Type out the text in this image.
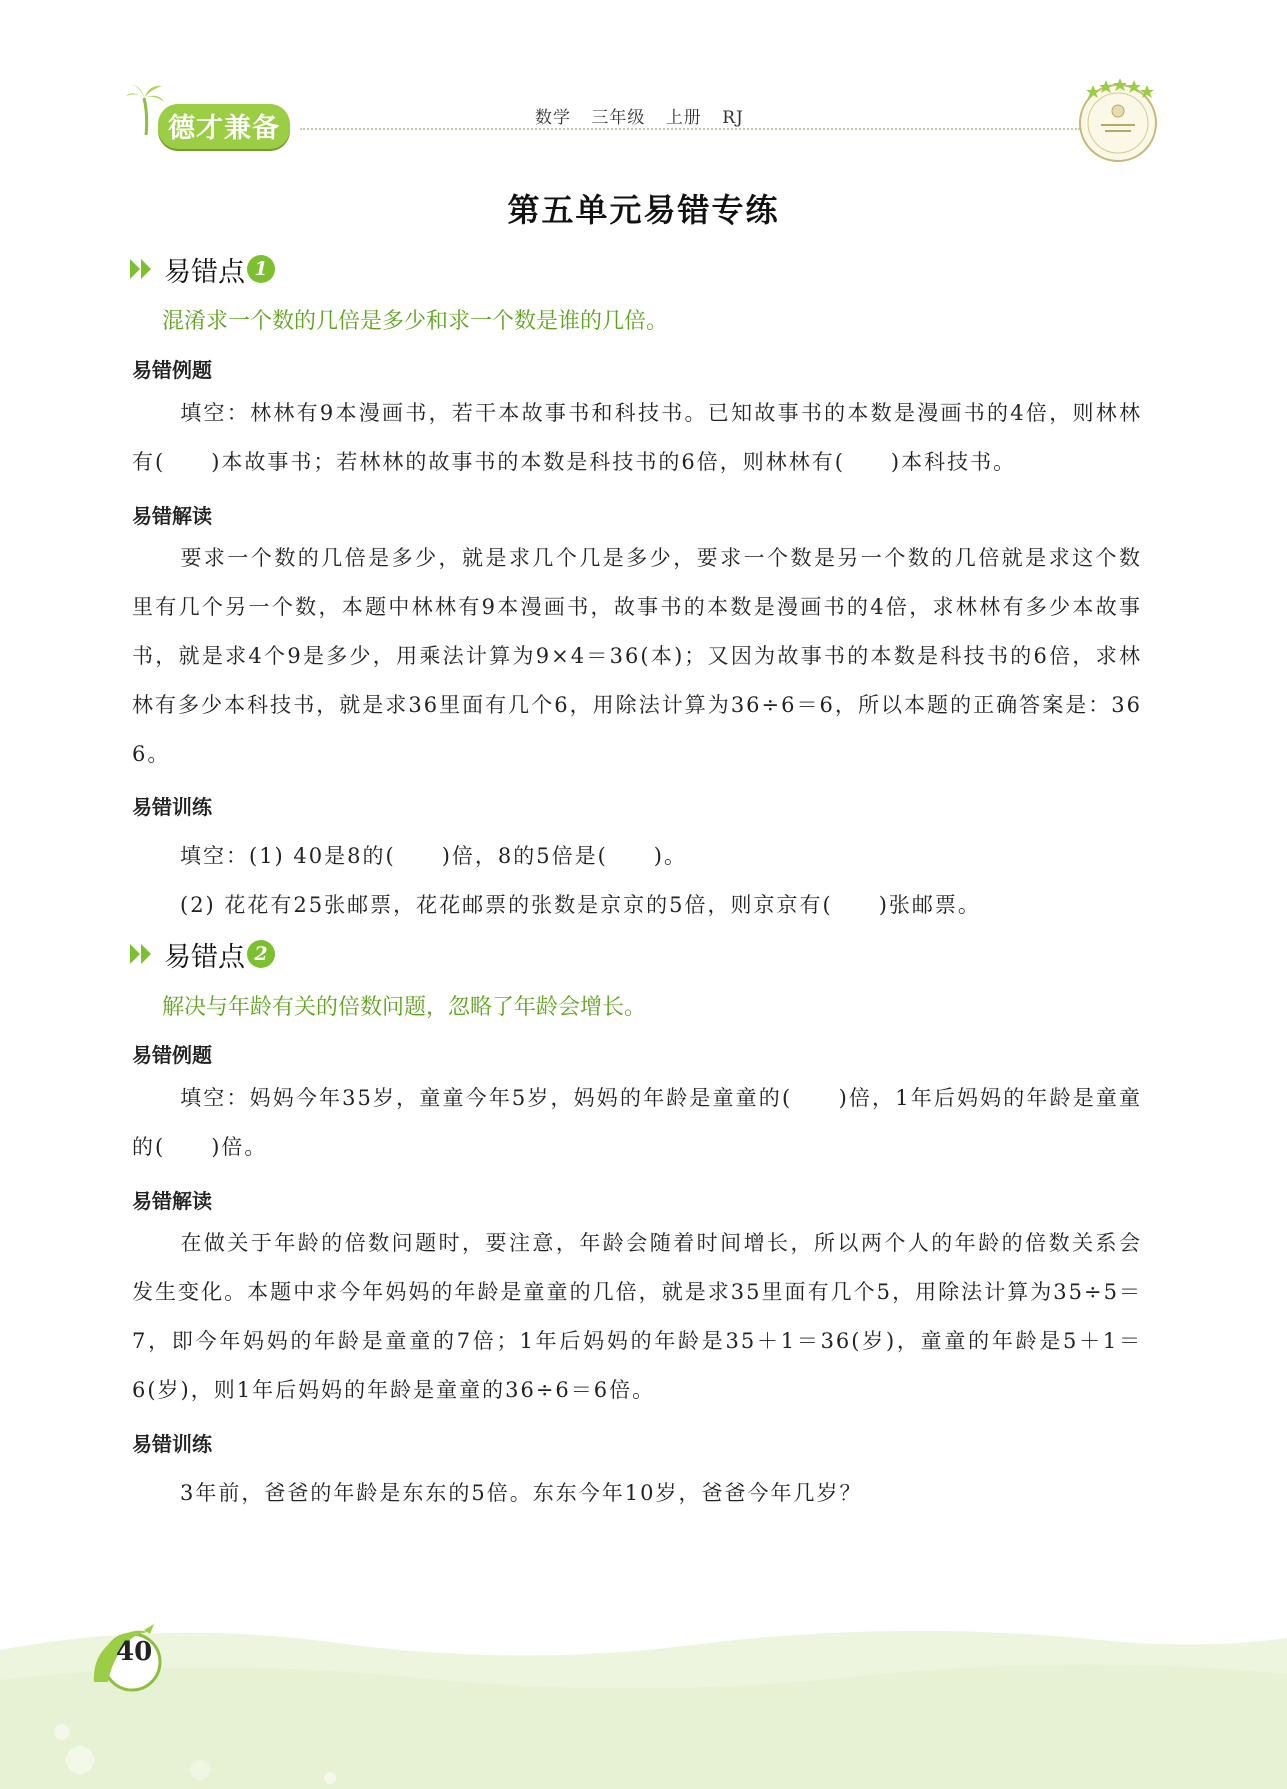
德才兼备	数学 三年级 上册 RJ
第五单元易错专练
易错点 1
混淆求一个数的几倍是多少和求一个数是谁的几倍。
易错例题
填空：林林有9本漫画书，若干本故事书和科技书。已知故事书的本数是漫画书的4倍，则林林有(　　)本故事书；若林林的故事书的本数是科技书的6倍，则林林有(　　)本科技书。
易错解读
要求一个数的几倍是多少，就是求几个几是多少，要求一个数是另一个数的几倍就是求这个数里有几个另一个数，本题中林林有9本漫画书，故事书的本数是漫画书的4倍，求林林有多少本故事书，就是求4个9是多少，用乘法计算为9×4＝36(本)；又因为故事书的本数是科技书的6倍，求林林有多少本科技书，就是求36里面有几个6，用除法计算为36÷6＝6，所以本题的正确答案是：36　6。
易错训练
填空：(1) 40是8的(　　)倍，8的5倍是(　　)。
(2) 花花有25张邮票，花花邮票的张数是京京的5倍，则京京有(　　)张邮票。
易错点 2
解决与年龄有关的倍数问题，忽略了年龄会增长。
易错例题
填空：妈妈今年35岁，童童今年5岁，妈妈的年龄是童童的(　　)倍，1年后妈妈的年龄是童童的(　　)倍。
易错解读
在做关于年龄的倍数问题时，要注意，年龄会随着时间增长，所以两个人的年龄的倍数关系会发生变化。本题中求今年妈妈的年龄是童童的几倍，就是求35里面有几个5，用除法计算为35÷5＝7，即今年妈妈的年龄是童童的7倍；1年后妈妈的年龄是35＋1＝36(岁)，童童的年龄是5＋1＝6(岁)，则1年后妈妈的年龄是童童的36÷6＝6倍。
易错训练
3年前，爸爸的年龄是东东的5倍。东东今年10岁，爸爸今年几岁？
40
